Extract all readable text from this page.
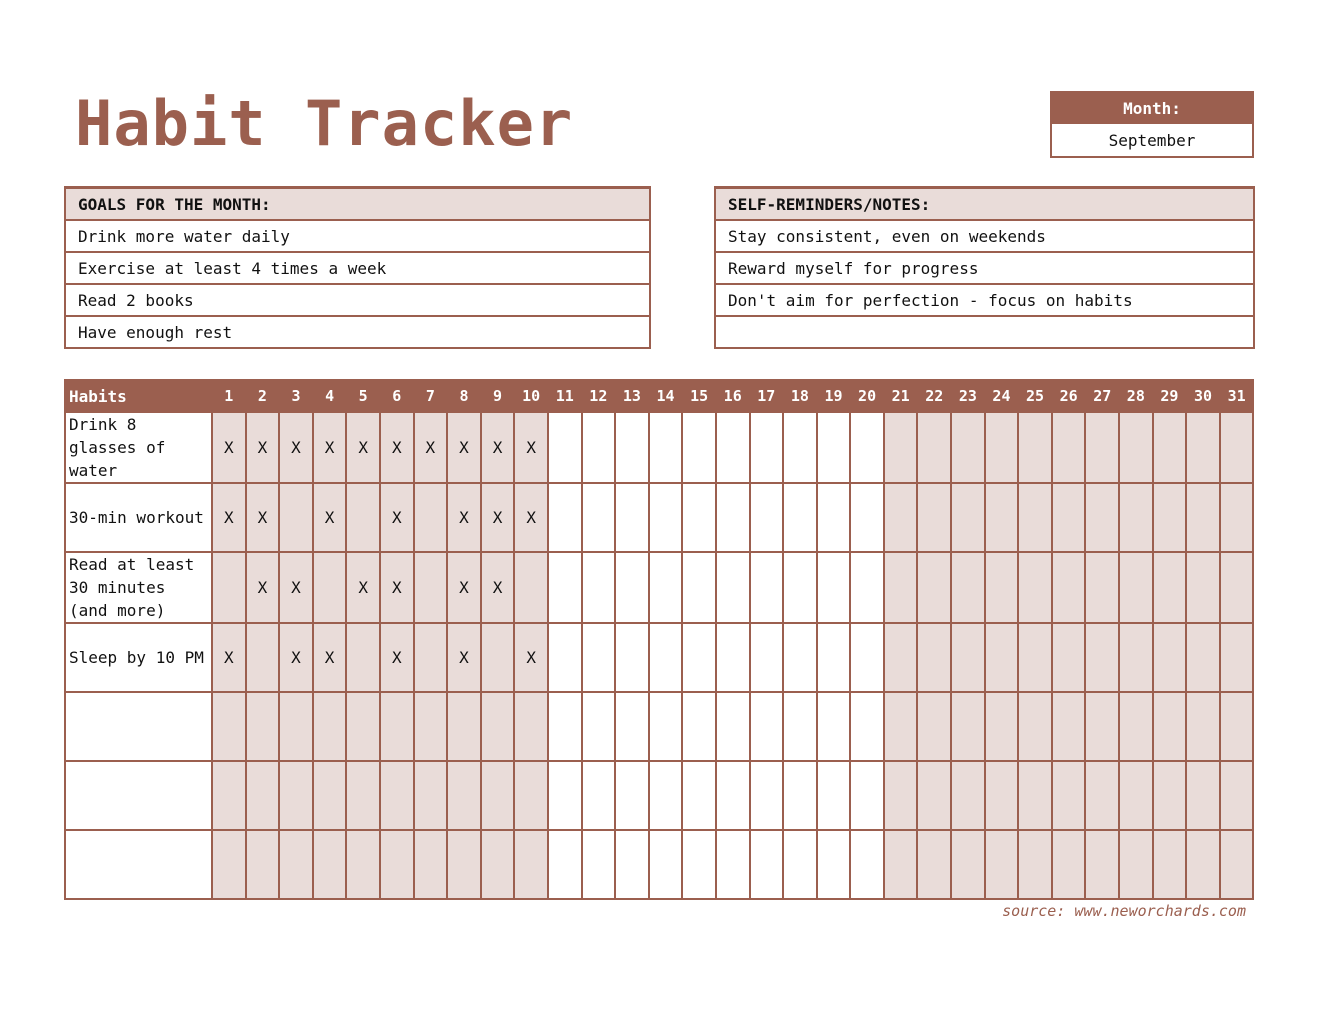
Habit Tracker	Month:
September
GOALS FOR THE MONTH:
Drink more water daily
Exercise at least 4 times a week
Read 2 books
Have enough rest
SELF-REMINDERS/NOTES:
Stay consistent, even on weekends
Reward myself for progress
Don't aim for perfection - focus on habits
Habits	1	2	3	4	5	6	7	8	9	10	11	12	13	14	15	16	17	18	19	20	21	22	23	24	25	26	27	28	29	30	31
Drink 8 glasses of water	X	X	X	X	X	X	X	X	X	X																					
30-min workout	X	X		X		X		X	X	X																					
Read at least 30 minutes (and more)		X	X		X	X		X	X																						
Sleep by 10 PM	X		X	X		X		X		X																					

source: www.neworchards.com
